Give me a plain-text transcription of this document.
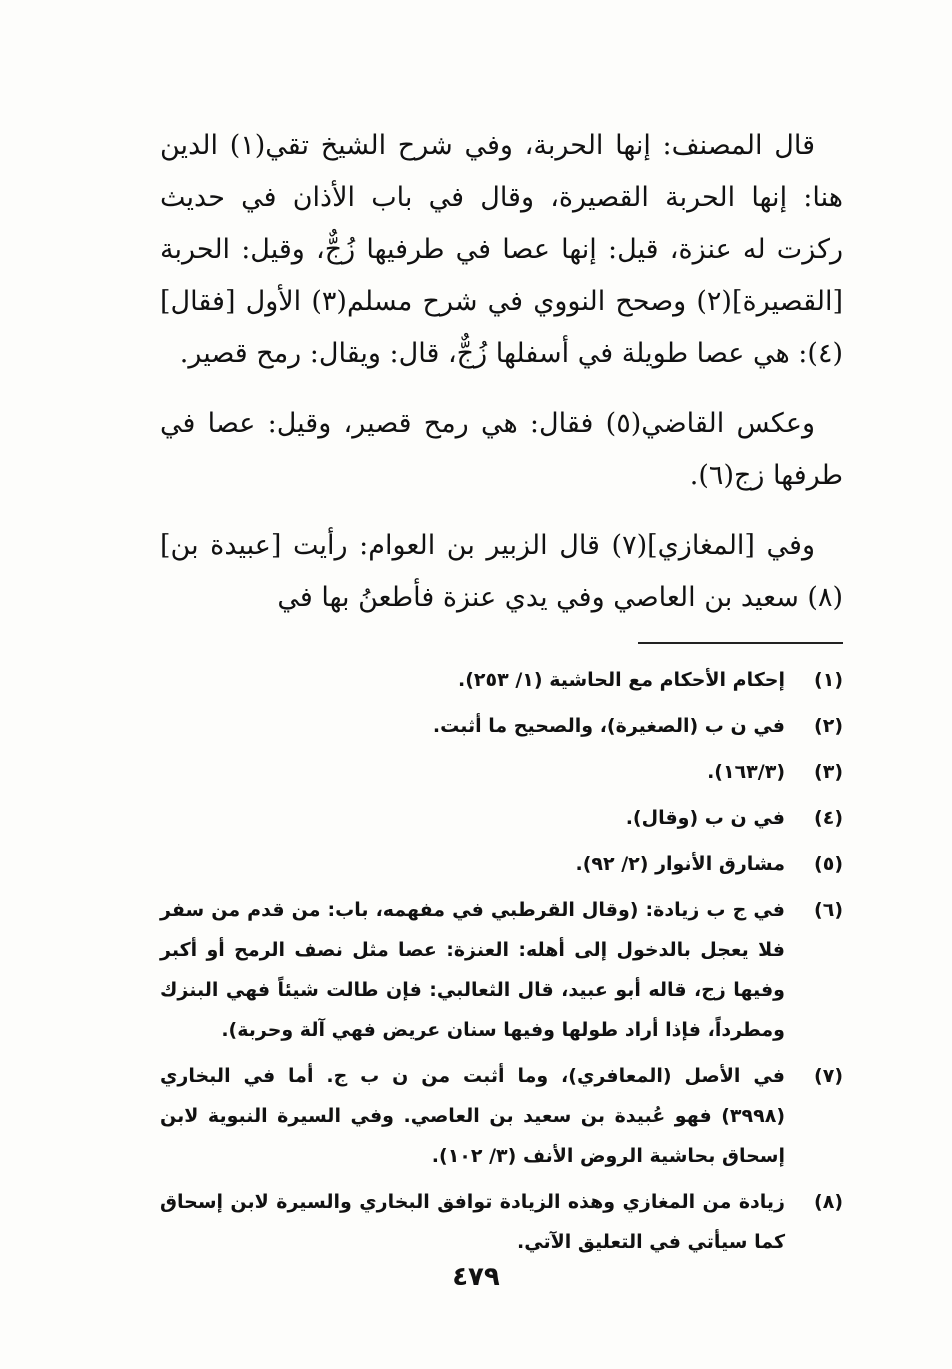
قال المصنف: إنها الحربة، وفي شرح الشيخ تقي(١) الدين هنا: إنها الحربة القصيرة، وقال في باب الأذان في حديث ركزت له عنزة، قيل: إنها عصا في طرفيها زُجٌّ، وقيل: الحربة [القصيرة](٢) وصحح النووي في شرح مسلم(٣) الأول [فقال](٤): هي عصا طويلة في أسفلها زُجٌّ، قال: ويقال: رمح قصير.

وعكس القاضي(٥) فقال: هي رمح قصير، وقيل: عصا في طرفها زج(٦).

وفي [المغازي](٧) قال الزبير بن العوام: رأيت [عبيدة بن](٨) سعيد بن العاصي وفي يدي عنزة فأطعنُ بها في

(١)
إحكام الأحكام مع الحاشية (١/ ٢٥٣).
(٢)
في ن ب (الصغيرة)، والصحيح ما أثبت.
(٣)
(١٦٣/٣).
(٤)
في ن ب (وقال).
(٥)
مشارق الأنوار (٢/ ٩٢).
(٦)
في ج ب زيادة: (وقال القرطبي في مفهمه، باب: من قدم من سفر فلا يعجل بالدخول إلى أهله: العنزة: عصا مثل نصف الرمح أو أكبر وفيها زج، قاله أبو عبيد، قال الثعالبي: فإن طالت شيئاً فهي البنزك ومطرداً، فإذا أراد طولها وفيها سنان عريض فهي آلة وحربة).
(٧)
في الأصل (المعافري)، وما أثبت من ن ب ج. أما في البخاري (٣٩٩٨) فهو عُبيدة بن سعيد بن العاصي. وفي السيرة النبوية لابن إسحاق بحاشية الروض الأنف (٣/ ١٠٢).
(٨)
زيادة من المغازي وهذه الزيادة توافق البخاري والسيرة لابن إسحاق كما سيأتي في التعليق الآتي.
٤٧٩
